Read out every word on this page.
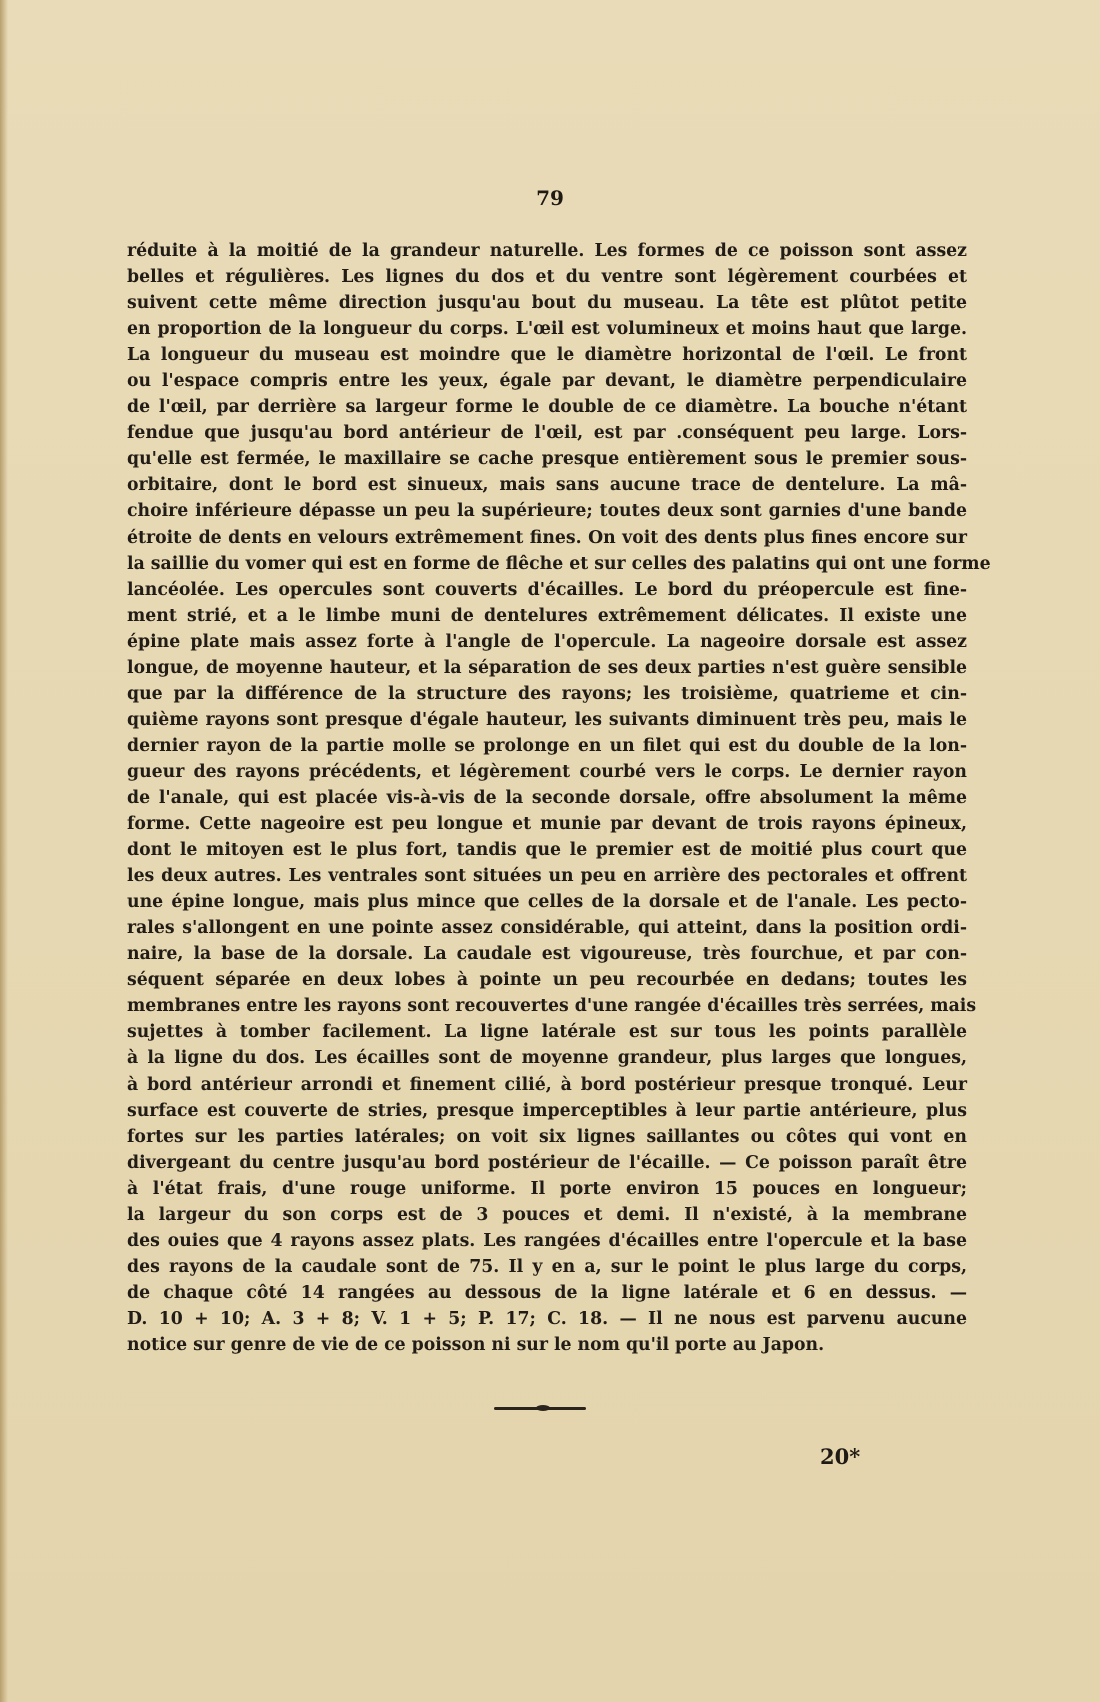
79
réduite à la moitié de la grandeur naturelle. Les formes de ce poisson sont assez
belles et régulières. Les lignes du dos et du ventre sont légèrement courbées et
suivent cette même direction jusqu'au bout du museau. La tête est plûtot petite
en proportion de la longueur du corps. L'œil est volumineux et moins haut que large.
La longueur du museau est moindre que le diamètre horizontal de l'œil. Le front
ou l'espace compris entre les yeux, égale par devant, le diamètre perpendiculaire
de l'œil, par derrière sa largeur forme le double de ce diamètre. La bouche n'étant
fendue que jusqu'au bord antérieur de l'œil, est par .conséquent peu large. Lors-
qu'elle est fermée, le maxillaire se cache presque entièrement sous le premier sous-
orbitaire, dont le bord est sinueux, mais sans aucune trace de dentelure. La mâ-
choire inférieure dépasse un peu la supérieure; toutes deux sont garnies d'une bande
étroite de dents en velours extrêmement fines. On voit des dents plus fines encore sur
la saillie du vomer qui est en forme de flêche et sur celles des palatins qui ont une forme
lancéolée. Les opercules sont couverts d'écailles. Le bord du préopercule est fine-
ment strié, et a le limbe muni de dentelures extrêmement délicates. Il existe une
épine plate mais assez forte à l'angle de l'opercule. La nageoire dorsale est assez
longue, de moyenne hauteur, et la séparation de ses deux parties n'est guère sensible
que par la différence de la structure des rayons; les troisième, quatrieme et cin-
quième rayons sont presque d'égale hauteur, les suivants diminuent très peu, mais le
dernier rayon de la partie molle se prolonge en un filet qui est du double de la lon-
gueur des rayons précédents, et légèrement courbé vers le corps. Le dernier rayon
de l'anale, qui est placée vis-à-vis de la seconde dorsale, offre absolument la même
forme. Cette nageoire est peu longue et munie par devant de trois rayons épineux,
dont le mitoyen est le plus fort, tandis que le premier est de moitié plus court que
les deux autres. Les ventrales sont situées un peu en arrière des pectorales et offrent
une épine longue, mais plus mince que celles de la dorsale et de l'anale. Les pecto-
rales s'allongent en une pointe assez considérable, qui atteint, dans la position ordi-
naire, la base de la dorsale. La caudale est vigoureuse, très fourchue, et par con-
séquent séparée en deux lobes à pointe un peu recourbée en dedans; toutes les
membranes entre les rayons sont recouvertes d'une rangée d'écailles très serrées, mais
sujettes à tomber facilement. La ligne latérale est sur tous les points parallèle
à la ligne du dos. Les écailles sont de moyenne grandeur, plus larges que longues,
à bord antérieur arrondi et finement cilié, à bord postérieur presque tronqué. Leur
surface est couverte de stries, presque imperceptibles à leur partie antérieure, plus
fortes sur les parties latérales; on voit six lignes saillantes ou côtes qui vont en
divergeant du centre jusqu'au bord postérieur de l'écaille. — Ce poisson paraît être
à l'état frais, d'une rouge uniforme. Il porte environ 15 pouces en longueur;
la largeur du son corps est de 3 pouces et demi. Il n'existé, à la membrane
des ouies que 4 rayons assez plats. Les rangées d'écailles entre l'opercule et la base
des rayons de la caudale sont de 75. Il y en a, sur le point le plus large du corps,
de chaque côté 14 rangées au dessous de la ligne latérale et 6 en dessus. —
D. 10 + 10; A. 3 + 8; V. 1 + 5; P. 17; C. 18. — Il ne nous est parvenu aucune
notice sur genre de vie de ce poisson ni sur le nom qu'il porte au Japon.
20*
